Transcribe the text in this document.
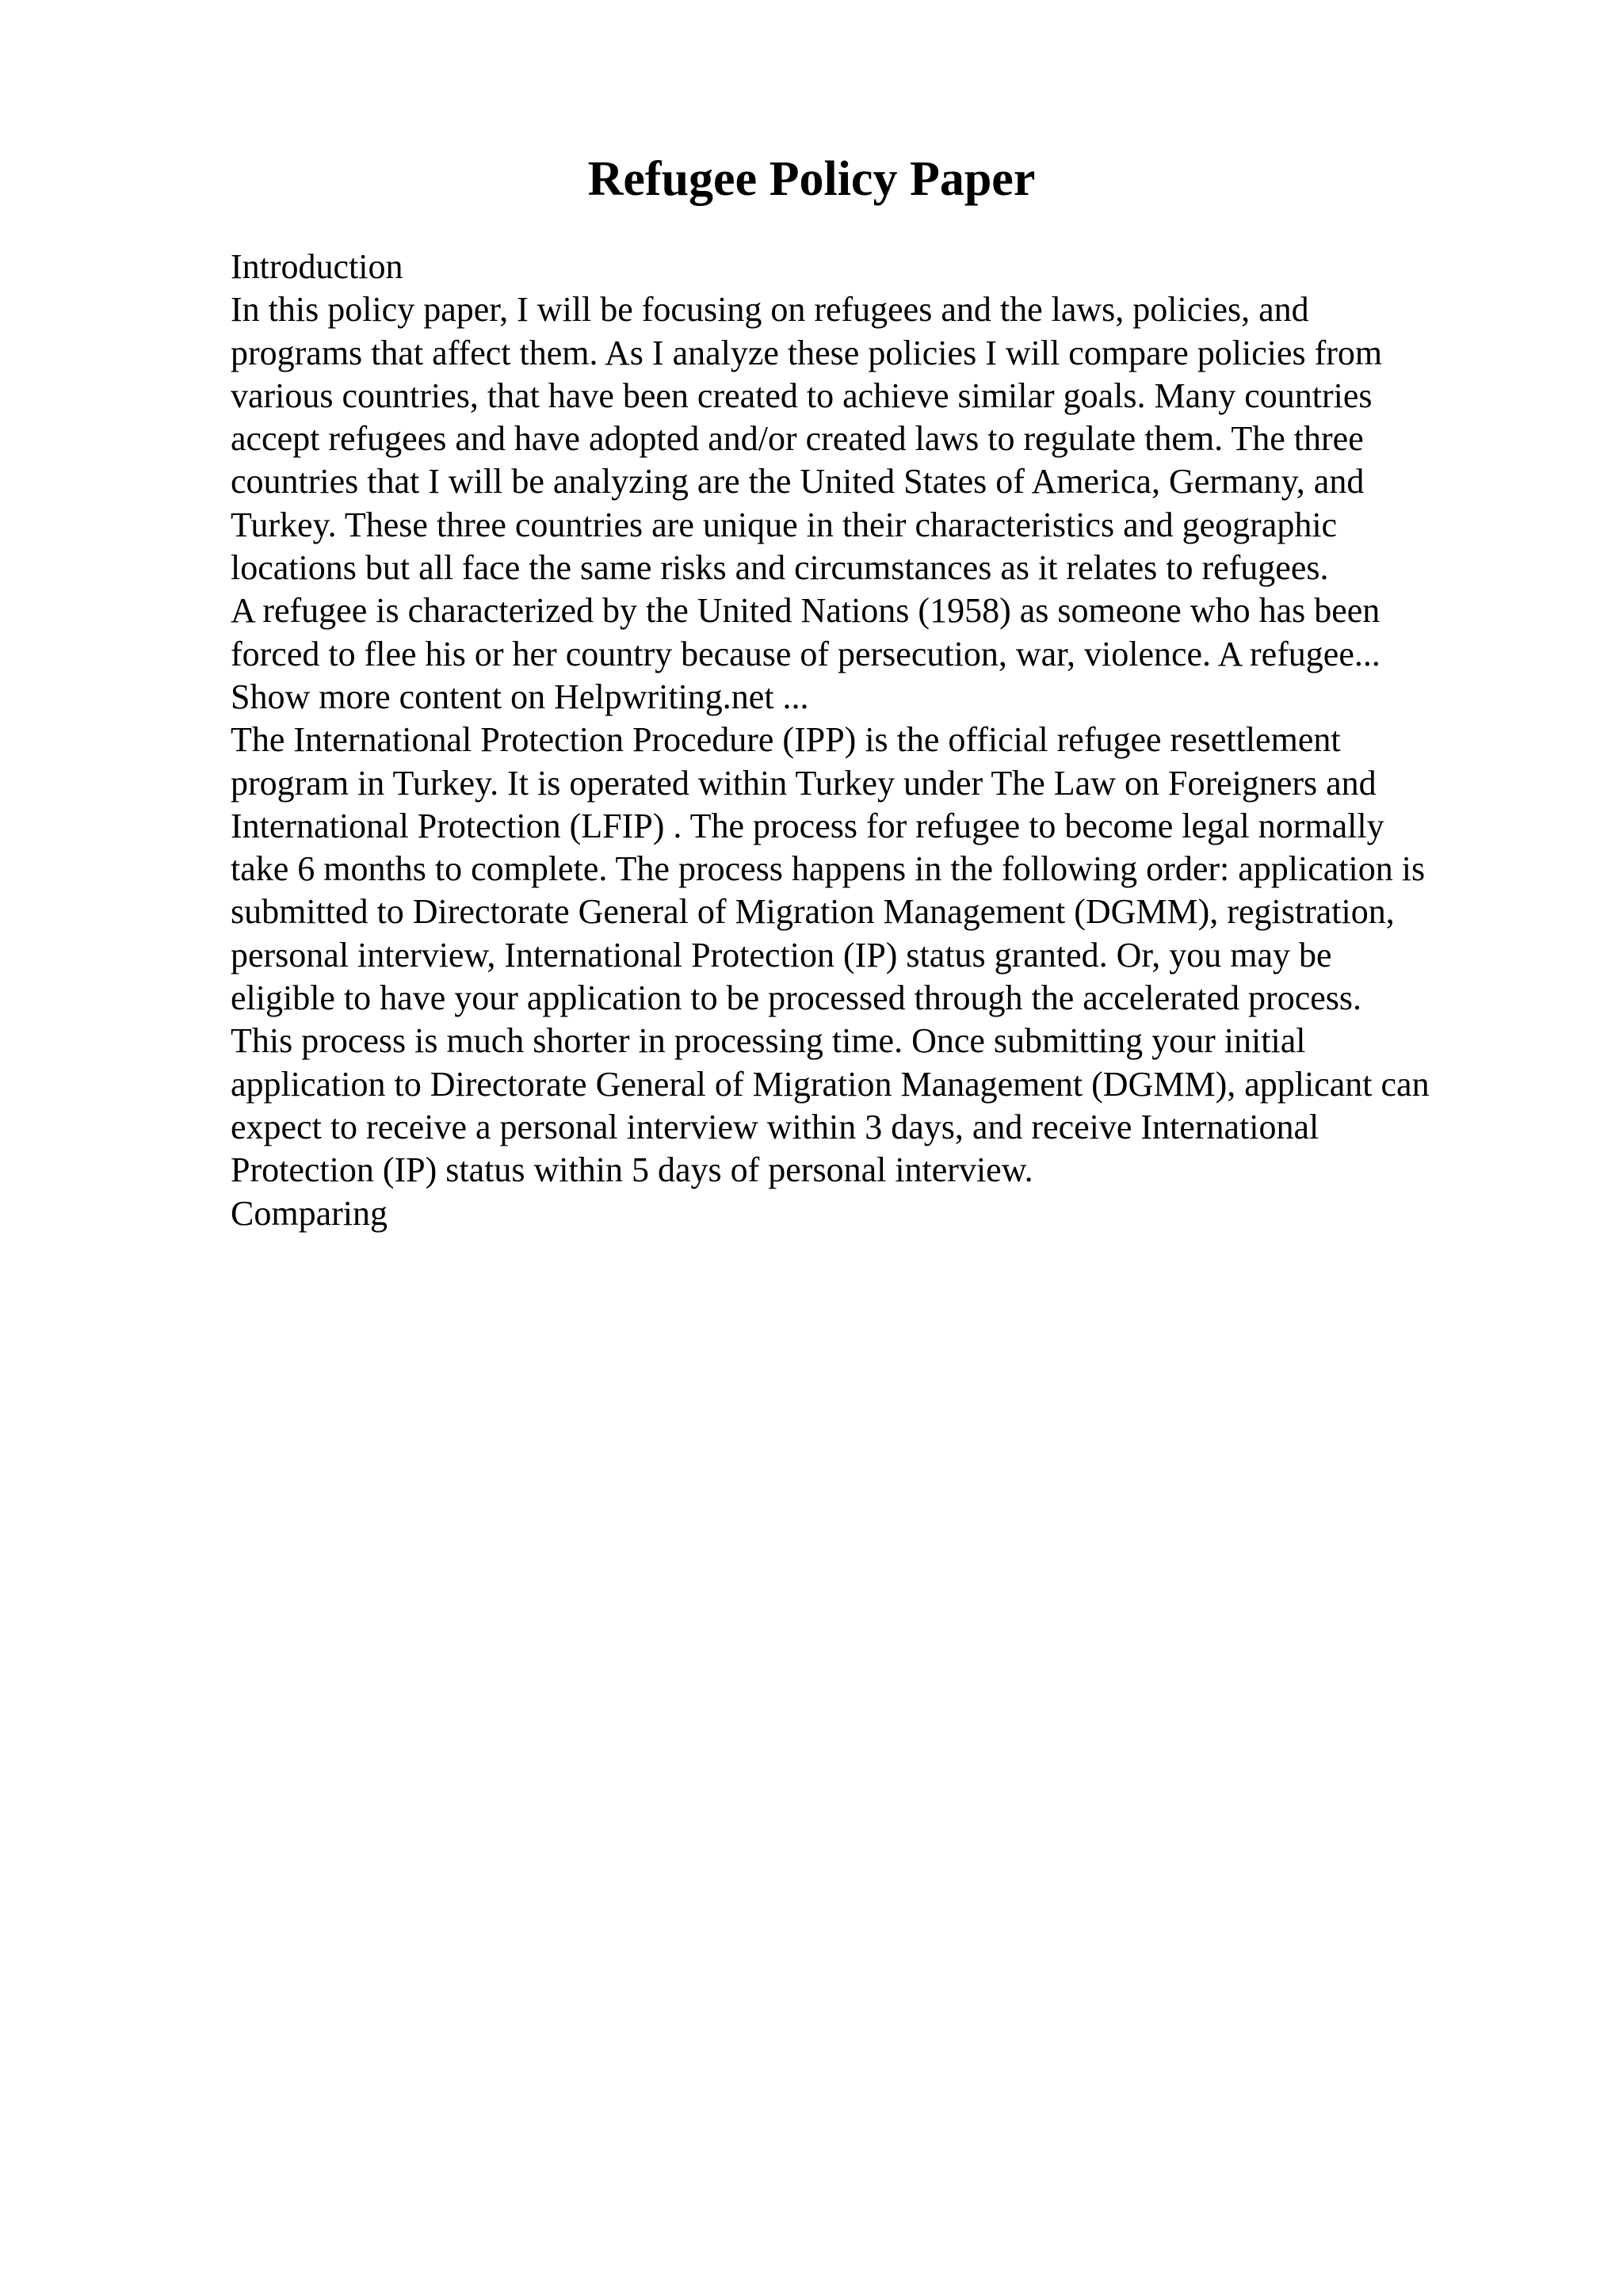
Refugee Policy Paper
Introduction
In this policy paper, I will be focusing on refugees and the laws, policies, and
programs that affect them. As I analyze these policies I will compare policies from
various countries, that have been created to achieve similar goals. Many countries
accept refugees and have adopted and/or created laws to regulate them. The three
countries that I will be analyzing are the United States of America, Germany, and
Turkey. These three countries are unique in their characteristics and geographic
locations but all face the same risks and circumstances as it relates to refugees.
A refugee is characterized by the United Nations (1958) as someone who has been
forced to flee his or her country because of persecution, war, violence. A refugee...
Show more content on Helpwriting.net ...
The International Protection Procedure (IPP) is the official refugee resettlement
program in Turkey. It is operated within Turkey under The Law on Foreigners and
International Protection (LFIP) . The process for refugee to become legal normally
take 6 months to complete. The process happens in the following order: application is
submitted to Directorate General of Migration Management (DGMM), registration,
personal interview, International Protection (IP) status granted. Or, you may be
eligible to have your application to be processed through the accelerated process.
This process is much shorter in processing time. Once submitting your initial
application to Directorate General of Migration Management (DGMM), applicant can
expect to receive a personal interview within 3 days, and receive International
Protection (IP) status within 5 days of personal interview.
Comparing
